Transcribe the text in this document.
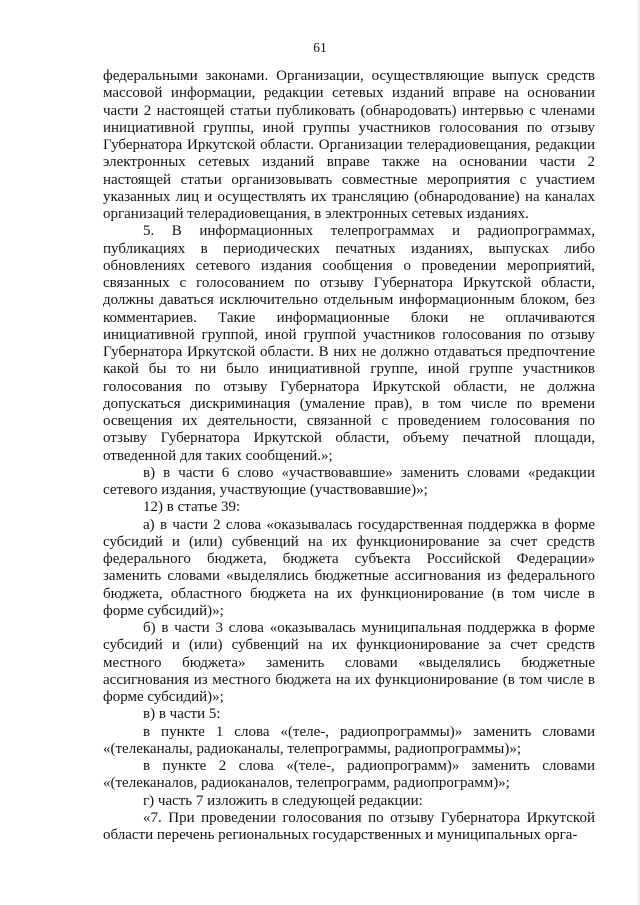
61

федеральными законами. Организации, осуществляющие выпуск средств массовой информации, редакции сетевых изданий вправе на основании части 2 настоящей статьи публиковать (обнародовать) интервью с членами инициативной группы, иной группы участников голосования по отзыву Губернатора Иркутской области. Организации телерадиовещания, редакции электронных сетевых изданий вправе также на основании части 2 настоящей статьи организовывать совместные мероприятия с участием указанных лиц и осуществлять их трансляцию (обнародование) на каналах организаций телерадиовещания, в электронных сетевых изданиях.

5. В информационных телепрограммах и радиопрограммах, публикациях в периодических печатных изданиях, выпусках либо обновлениях сетевого издания сообщения о проведении мероприятий, связанных с голосованием по отзыву Губернатора Иркутской области, должны даваться исключительно отдельным информационным блоком, без комментариев. Такие информационные блоки не оплачиваются инициативной группой, иной группой участников голосования по отзыву Губернатора Иркутской области. В них не должно отдаваться предпочтение какой бы то ни было инициативной группе, иной группе участников голосования по отзыву Губернатора Иркутской области, не должна допускаться дискриминация (умаление прав), в том числе по времени освещения их деятельности, связанной с проведением голосования по отзыву Губернатора Иркутской области, объему печатной площади, отведенной для таких сообщений.»;

в) в части 6 слово «участвовавшие» заменить словами «редакции сетевого издания, участвующие (участвовавшие)»;

12) в статье 39:

а) в части 2 слова «оказывалась государственная поддержка в форме субсидий и (или) субвенций на их функционирование за счет средств федерального бюджета, бюджета субъекта Российской Федерации» заменить словами «выделялись бюджетные ассигнования из федерального бюджета, областного бюджета на их функционирование (в том числе в форме субсидий)»;

б) в части 3 слова «оказывалась муниципальная поддержка в форме субсидий и (или) субвенций на их функционирование за счет средств местного бюджета» заменить словами «выделялись бюджетные ассигнования из местного бюджета на их функционирование (в том числе в форме субсидий)»;

в) в части 5:

в пункте 1 слова «(теле-, радиопрограммы)» заменить словами «(телеканалы, радиоканалы, телепрограммы, радиопрограммы)»;

в пункте 2 слова «(теле-, радиопрограмм)» заменить словами «(телеканалов, радиоканалов, телепрограмм, радиопрограмм)»;

г) часть 7 изложить в следующей редакции:

«7. При проведении голосования по отзыву Губернатора Иркутской области перечень региональных государственных и муниципальных орга-
